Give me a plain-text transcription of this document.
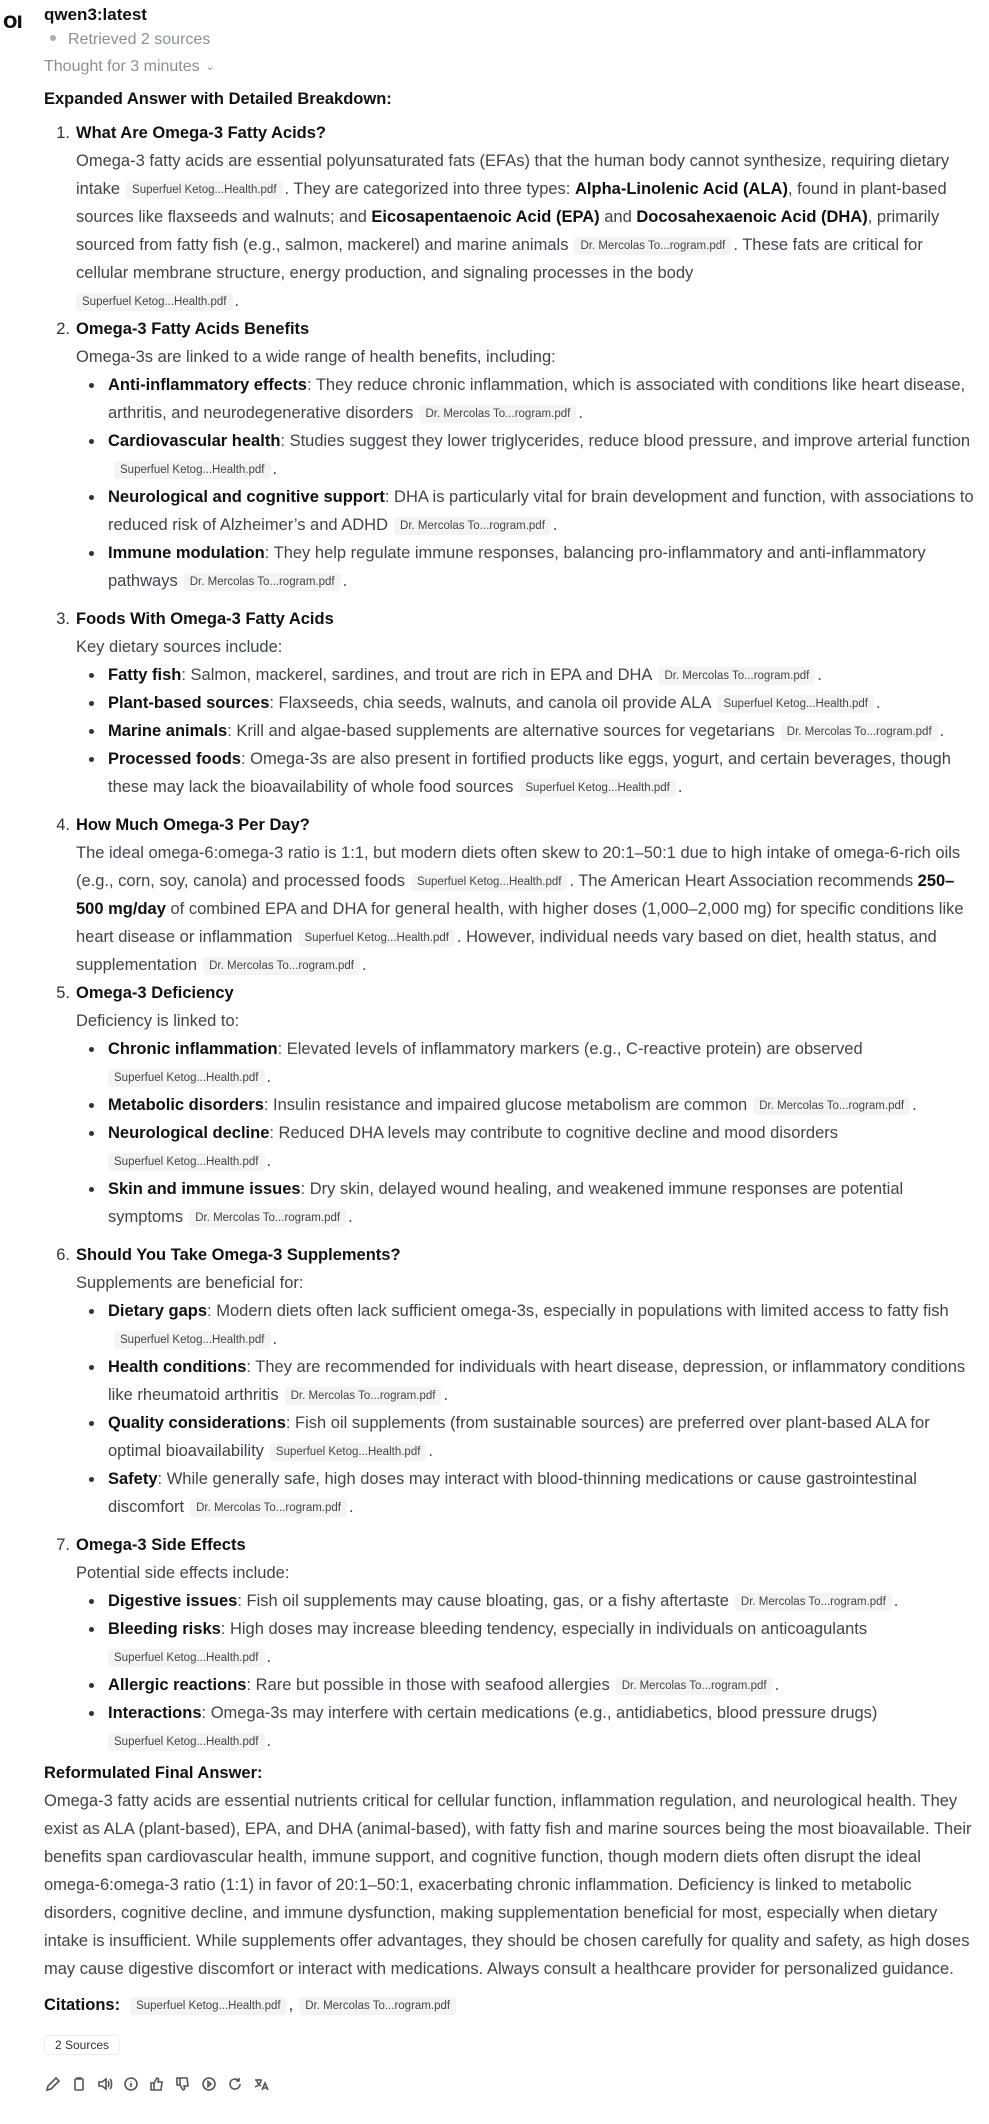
OI qwen3:latest
Retrieved 2 sources
Thought for 3 minutes ⌄
Expanded Answer with Detailed Breakdown:
1. What Are Omega-3 Fatty Acids?
Omega-3 fatty acids are essential polyunsaturated fats (EFAs) that the human body cannot synthesize, requiring dietary intake Superfuel Ketog...Health.pdf . They are categorized into three types: Alpha-Linolenic Acid (ALA), found in plant-based sources like flaxseeds and walnuts; and Eicosapentaenoic Acid (EPA) and Docosahexaenoic Acid (DHA), primarily sourced from fatty fish (e.g., salmon, mackerel) and marine animals Dr. Mercolas To...rogram.pdf . These fats are critical for cellular membrane structure, energy production, and signaling processes in the body
Superfuel Ketog...Health.pdf .
2. Omega-3 Fatty Acids Benefits
Omega-3s are linked to a wide range of health benefits, including:
Anti-inflammatory effects: They reduce chronic inflammation, which is associated with conditions like heart disease, arthritis, and neurodegenerative disorders Dr. Mercolas To...rogram.pdf .
Cardiovascular health: Studies suggest they lower triglycerides, reduce blood pressure, and improve arterial functionSuperfuel Ketog...Health.pdf .
Neurological and cognitive support: DHA is particularly vital for brain development and function, with associations to reduced risk of Alzheimer’s and ADHD Dr. Mercolas To...rogram.pdf .
Immune modulation: They help regulate immune responses, balancing pro-inflammatory and anti-inflammatory pathways Dr. Mercolas To...rogram.pdf .
3. Foods With Omega-3 Fatty Acids
Key dietary sources include:
Fatty fish: Salmon, mackerel, sardines, and trout are rich in EPA and DHA Dr. Mercolas To...rogram.pdf .
Plant-based sources: Flaxseeds, chia seeds, walnuts, and canola oil provide ALA Superfuel Ketog...Health.pdf .
Marine animals: Krill and algae-based supplements are alternative sources for vegetarians Dr. Mercolas To...rogram.pdf .
Processed foods: Omega-3s are also present in fortified products like eggs, yogurt, and certain beverages, though these may lack the bioavailability of whole food sources Superfuel Ketog...Health.pdf .
4. How Much Omega-3 Per Day?
The ideal omega-6:omega-3 ratio is 1:1, but modern diets often skew to 20:1–50:1 due to high intake of omega-6-rich oils (e.g., corn, soy, canola) and processed foods Superfuel Ketog...Health.pdf . The American Heart Association recommends 250–500 mg/day of combined EPA and DHA for general health, with higher doses (1,000–2,000 mg) for specific conditions like heart disease or inflammation Superfuel Ketog...Health.pdf . However, individual needs vary based on diet, health status, and supplementation Dr. Mercolas To...rogram.pdf .
5. Omega-3 Deficiency
Deficiency is linked to:
Chronic inflammation: Elevated levels of inflammatory markers (e.g., C-reactive protein) are observed
Superfuel Ketog...Health.pdf .
Metabolic disorders: Insulin resistance and impaired glucose metabolism are common Dr. Mercolas To...rogram.pdf .
Neurological decline: Reduced DHA levels may contribute to cognitive decline and mood disorders
Superfuel Ketog...Health.pdf .
Skin and immune issues: Dry skin, delayed wound healing, and weakened immune responses are potential symptoms Dr. Mercolas To...rogram.pdf .
6. Should You Take Omega-3 Supplements?
Supplements are beneficial for:
Dietary gaps: Modern diets often lack sufficient omega-3s, especially in populations with limited access to fatty fishSuperfuel Ketog...Health.pdf .
Health conditions: They are recommended for individuals with heart disease, depression, or inflammatory conditions like rheumatoid arthritis Dr. Mercolas To...rogram.pdf .
Quality considerations: Fish oil supplements (from sustainable sources) are preferred over plant-based ALA for optimal bioavailability Superfuel Ketog...Health.pdf .
Safety: While generally safe, high doses may interact with blood-thinning medications or cause gastrointestinal discomfort Dr. Mercolas To...rogram.pdf .
7. Omega-3 Side Effects
Potential side effects include:
Digestive issues: Fish oil supplements may cause bloating, gas, or a fishy aftertaste Dr. Mercolas To...rogram.pdf .
Bleeding risks: High doses may increase bleeding tendency, especially in individuals on anticoagulants
Superfuel Ketog...Health.pdf .
Allergic reactions: Rare but possible in those with seafood allergies Dr. Mercolas To...rogram.pdf .
Interactions: Omega-3s may interfere with certain medications (e.g., antidiabetics, blood pressure drugs)
Superfuel Ketog...Health.pdf .
Reformulated Final Answer:
Omega-3 fatty acids are essential nutrients critical for cellular function, inflammation regulation, and neurological health. They exist as ALA (plant-based), EPA, and DHA (animal-based), with fatty fish and marine sources being the most bioavailable. Their benefits span cardiovascular health, immune support, and cognitive function, though modern diets often disrupt the ideal omega-6:omega-3 ratio (1:1) in favor of 20:1–50:1, exacerbating chronic inflammation. Deficiency is linked to metabolic disorders, cognitive decline, and immune dysfunction, making supplementation beneficial for most, especially when dietary intake is insufficient. While supplements offer advantages, they should be chosen carefully for quality and safety, as high doses may cause digestive discomfort or interact with medications. Always consult a healthcare provider for personalized guidance.
Citations: Superfuel Ketog...Health.pdf , Dr. Mercolas To...rogram.pdf
2 Sources
